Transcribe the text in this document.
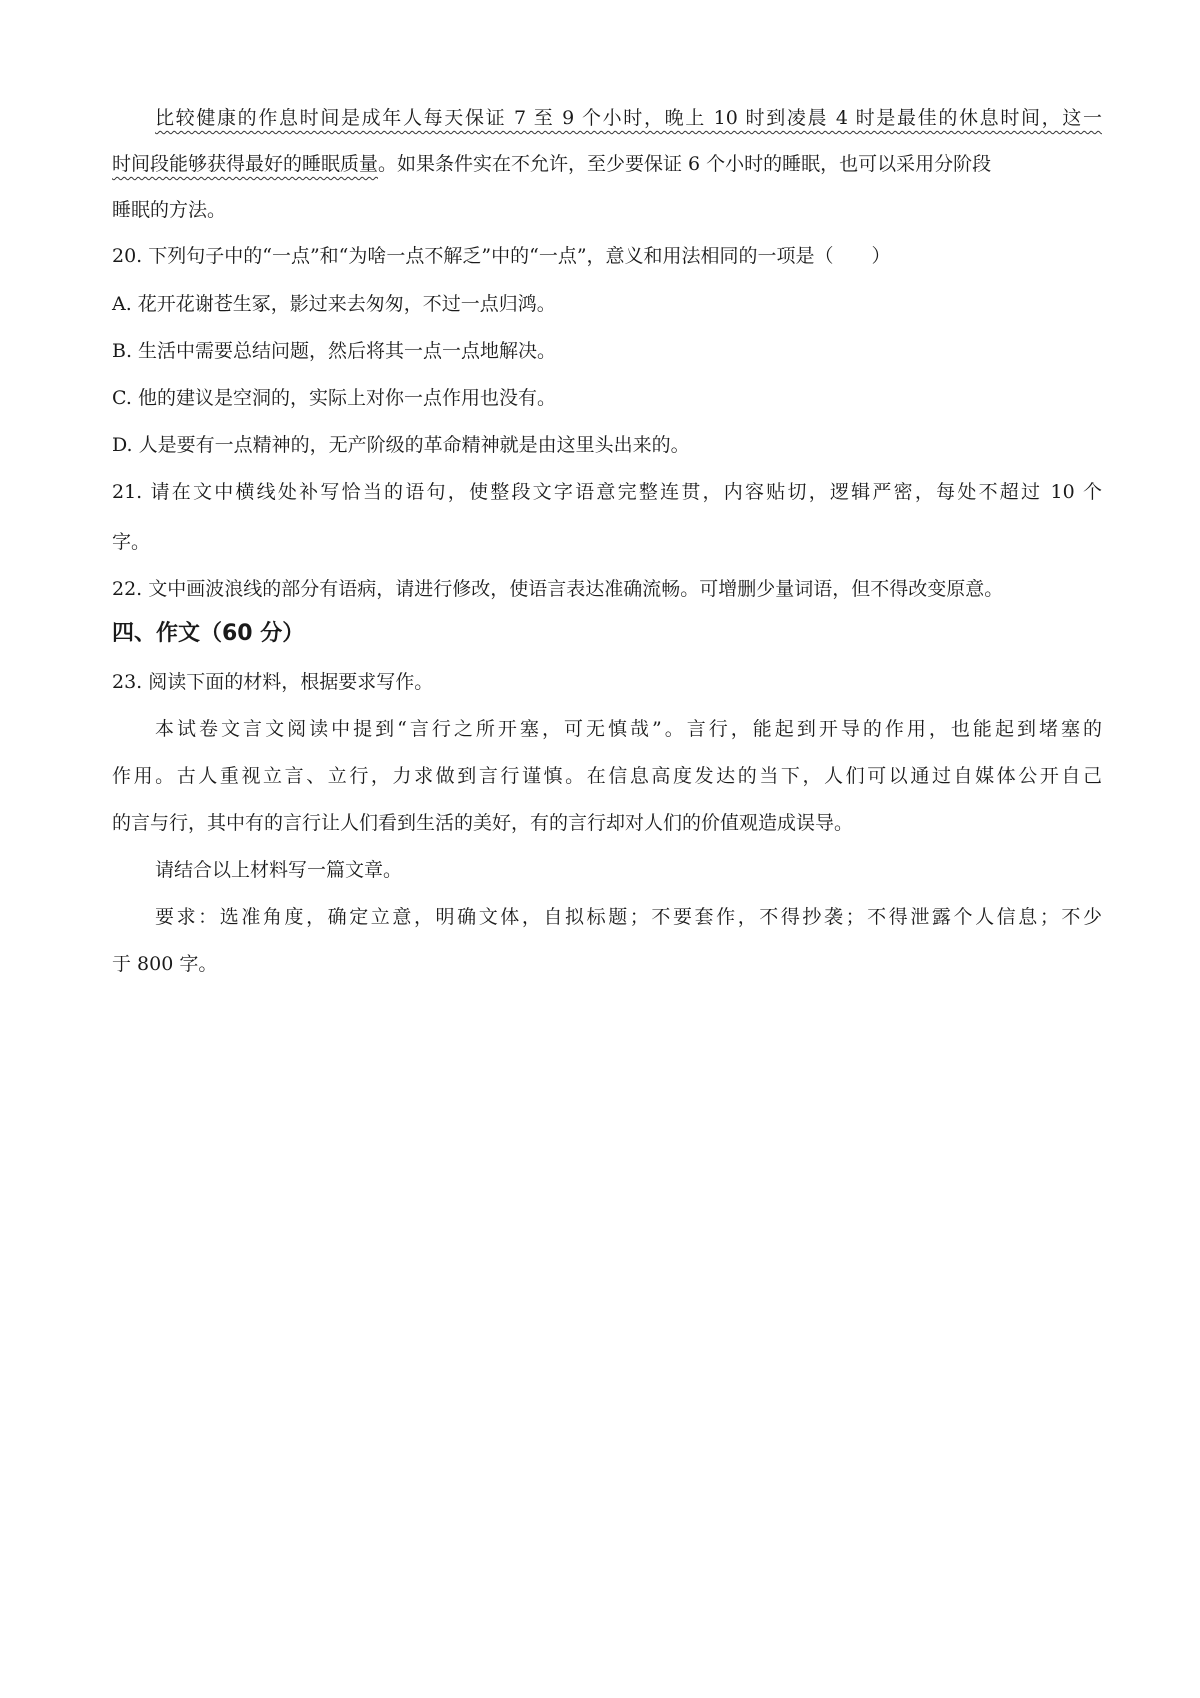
比较健康的作息时间是成年人每天保证 7 至 9 个小时，晚上 10 时到凌晨 4 时是最佳的休息时间，这一
时间段能够获得最好的睡眠质量。如果条件实在不允许，至少要保证 6 个小时的睡眠，也可以采用分阶段
睡眠的方法。
20. 下列句子中的“一点”和“为啥一点不解乏”中的“一点”，意义和用法相同的一项是（　　）
A. 花开花谢苍生冢，影过来去匆匆，不过一点归鸿。
B. 生活中需要总结问题，然后将其一点一点地解决。
C. 他的建议是空洞的，实际上对你一点作用也没有。
D. 人是要有一点精神的，无产阶级的革命精神就是由这里头出来的。
21. 请在文中横线处补写恰当的语句，使整段文字语意完整连贯，内容贴切，逻辑严密，每处不超过 10 个
字。
22. 文中画波浪线的部分有语病，请进行修改，使语言表达准确流畅。可增删少量词语，但不得改变原意。
四、作文（60 分）
23. 阅读下面的材料，根据要求写作。
本试卷文言文阅读中提到“言行之所开塞，可无慎哉”。言行，能起到开导的作用，也能起到堵塞的
作用。古人重视立言、立行，力求做到言行谨慎。在信息高度发达的当下，人们可以通过自媒体公开自己
的言与行，其中有的言行让人们看到生活的美好，有的言行却对人们的价值观造成误导。
请结合以上材料写一篇文章。
要求：选准角度，确定立意，明确文体，自拟标题；不要套作，不得抄袭；不得泄露个人信息；不少
于 800 字。
